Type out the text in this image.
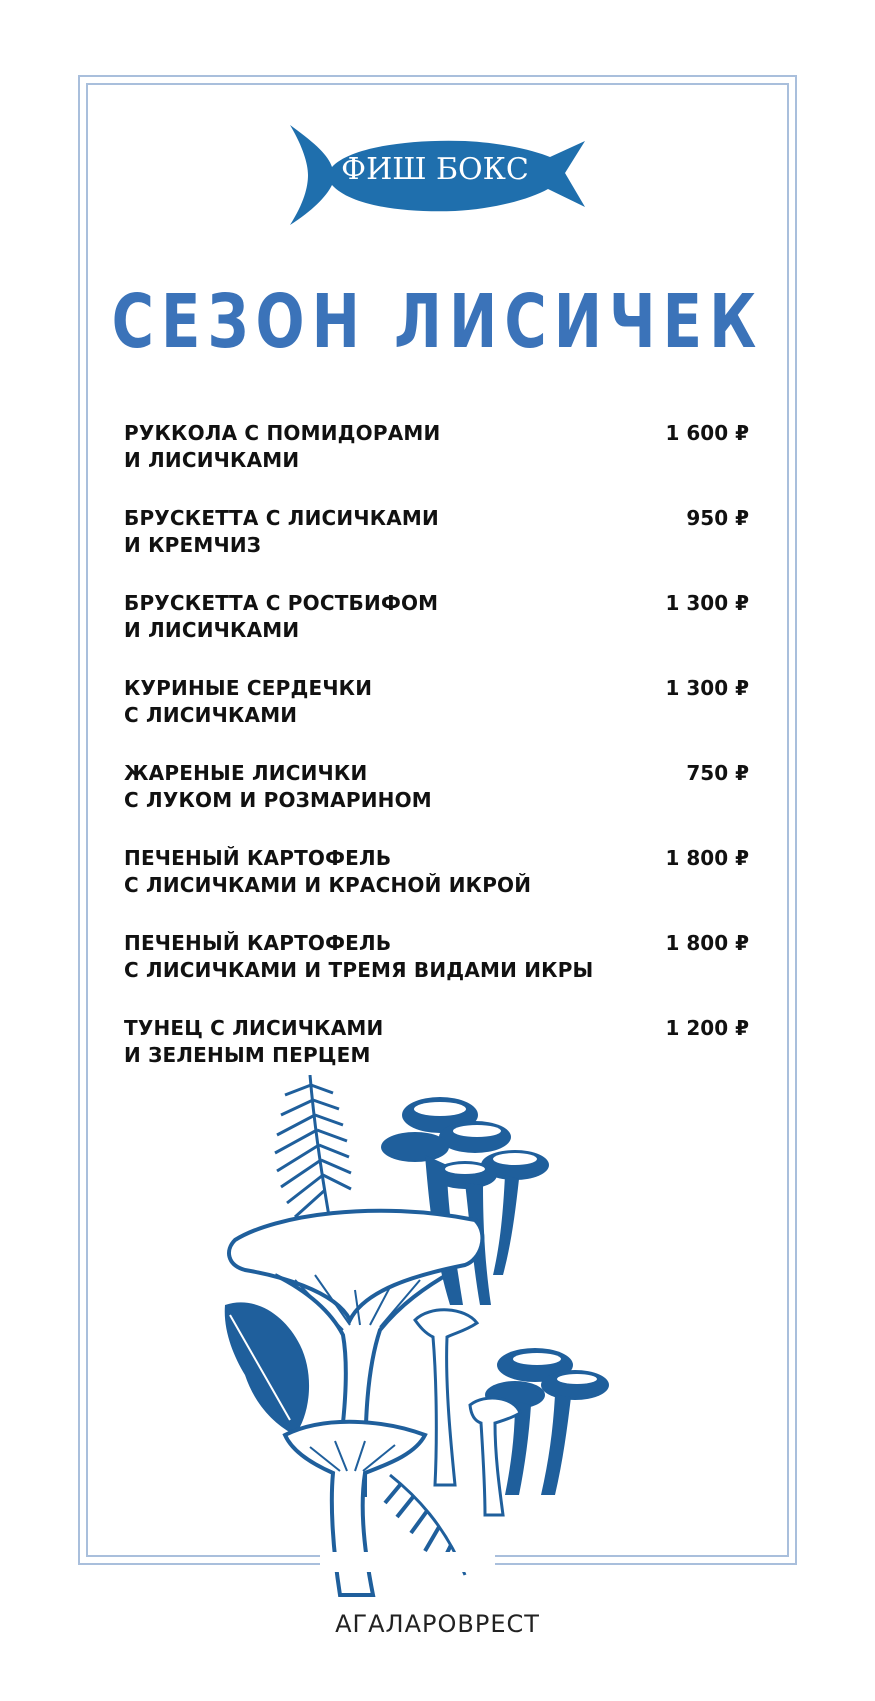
ФИШ БОКС
СЕЗОН ЛИСИЧЕК
РУККОЛА С ПОМИДОРАМИ
И ЛИСИЧКАМИ
1 600 ₽
БРУСКЕТТА С ЛИСИЧКАМИ
И КРЕМЧИЗ
950 ₽
БРУСКЕТТА С РОСТБИФОМ
И ЛИСИЧКАМИ
1 300 ₽
КУРИНЫЕ СЕРДЕЧКИ
С ЛИСИЧКАМИ
1 300 ₽
ЖАРЕНЫЕ ЛИСИЧКИ
С ЛУКОМ И РОЗМАРИНОМ
750 ₽
ПЕЧЕНЫЙ КАРТОФЕЛЬ
С ЛИСИЧКАМИ И КРАСНОЙ ИКРОЙ
1 800 ₽
ПЕЧЕНЫЙ КАРТОФЕЛЬ
С ЛИСИЧКАМИ И ТРЕМЯ ВИДАМИ ИКРЫ
1 800 ₽
ТУНЕЦ С ЛИСИЧКАМИ
И ЗЕЛЕНЫМ ПЕРЦЕМ
1 200 ₽
АГАЛАРОВРЕСТ
